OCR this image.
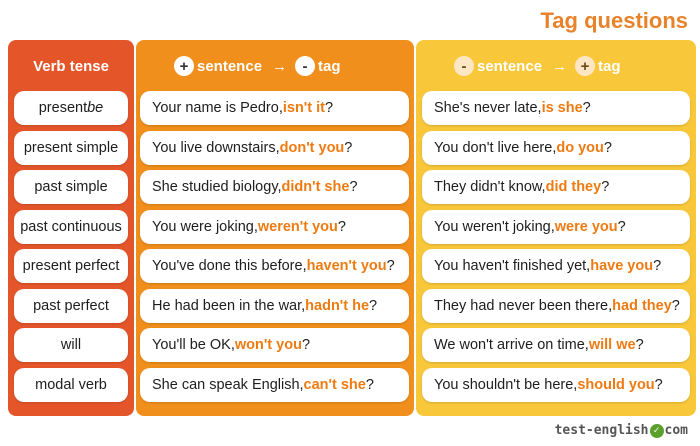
Tag questions
Verb tense
present be
present simple
past simple
past continuous
present perfect
past perfect
will
modal verb
+ sentence →	- tag
Your name is Pedro, isn't it ?
You live downstairs, don't you ?
She studied biology, didn't she ?
You were joking, weren't you ?
You've done this before, haven't you ?
He had been in the war, hadn't he ?
You'll be OK, won't you ?
She can speak English, can't she ?
- sentence → + tag
She's never late, is she ?
You don't live here, do you ?
They didn't know, did they ?
You weren't joking, were you ?
You haven't finished yet, have you ?
They had never been there, had they ?
We won't arrive on time, will we ?
You shouldn't be here, should you ?
test-english ✓ com
